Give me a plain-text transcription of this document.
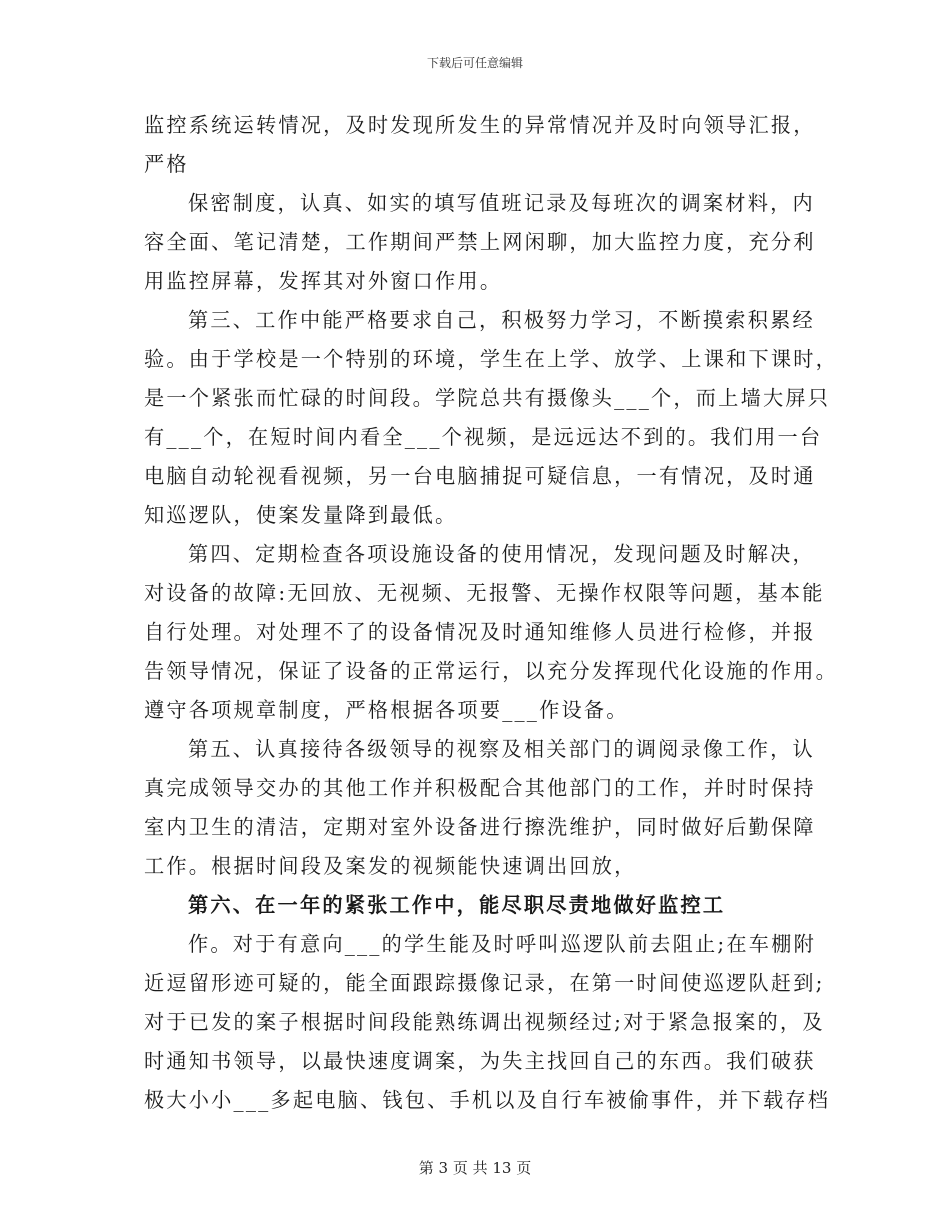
下载后可任意编辑
监控系统运转情况，及时发现所发生的异常情况并及时向领导汇报，
严格
保密制度，认真、如实的填写值班记录及每班次的调案材料，内
容全面、笔记清楚，工作期间严禁上网闲聊，加大监控力度，充分利
用监控屏幕，发挥其对外窗口作用。
第三、工作中能严格要求自己，积极努力学习，不断摸索积累经
验。由于学校是一个特别的环境，学生在上学、放学、上课和下课时，
是一个紧张而忙碌的时间段。学院总共有摄像头___个，而上墙大屏只
有___个，在短时间内看全___个视频，是远远达不到的。我们用一台
电脑自动轮视看视频，另一台电脑捕捉可疑信息，一有情况，及时通
知巡逻队，使案发量降到最低。
第四、定期检查各项设施设备的使用情况，发现问题及时解决，
对设备的故障:无回放、无视频、无报警、无操作权限等问题，基本能
自行处理。对处理不了的设备情况及时通知维修人员进行检修，并报
告领导情况，保证了设备的正常运行，以充分发挥现代化设施的作用。
遵守各项规章制度，严格根据各项要___作设备。
第五、认真接待各级领导的视察及相关部门的调阅录像工作，认
真完成领导交办的其他工作并积极配合其他部门的工作，并时时保持
室内卫生的清洁，定期对室外设备进行擦洗维护，同时做好后勤保障
工作。根据时间段及案发的视频能快速调出回放，
第六、在一年的紧张工作中，能尽职尽责地做好监控工
作。对于有意向___的学生能及时呼叫巡逻队前去阻止;在车棚附
近逗留形迹可疑的，能全面跟踪摄像记录，在第一时间使巡逻队赶到;
对于已发的案子根据时间段能熟练调出视频经过;对于紧急报案的，及
时通知书领导，以最快速度调案，为失主找回自己的东西。我们破获
极大小小___多起电脑、钱包、手机以及自行车被偷事件，并下载存档
第 3 页 共 13 页
